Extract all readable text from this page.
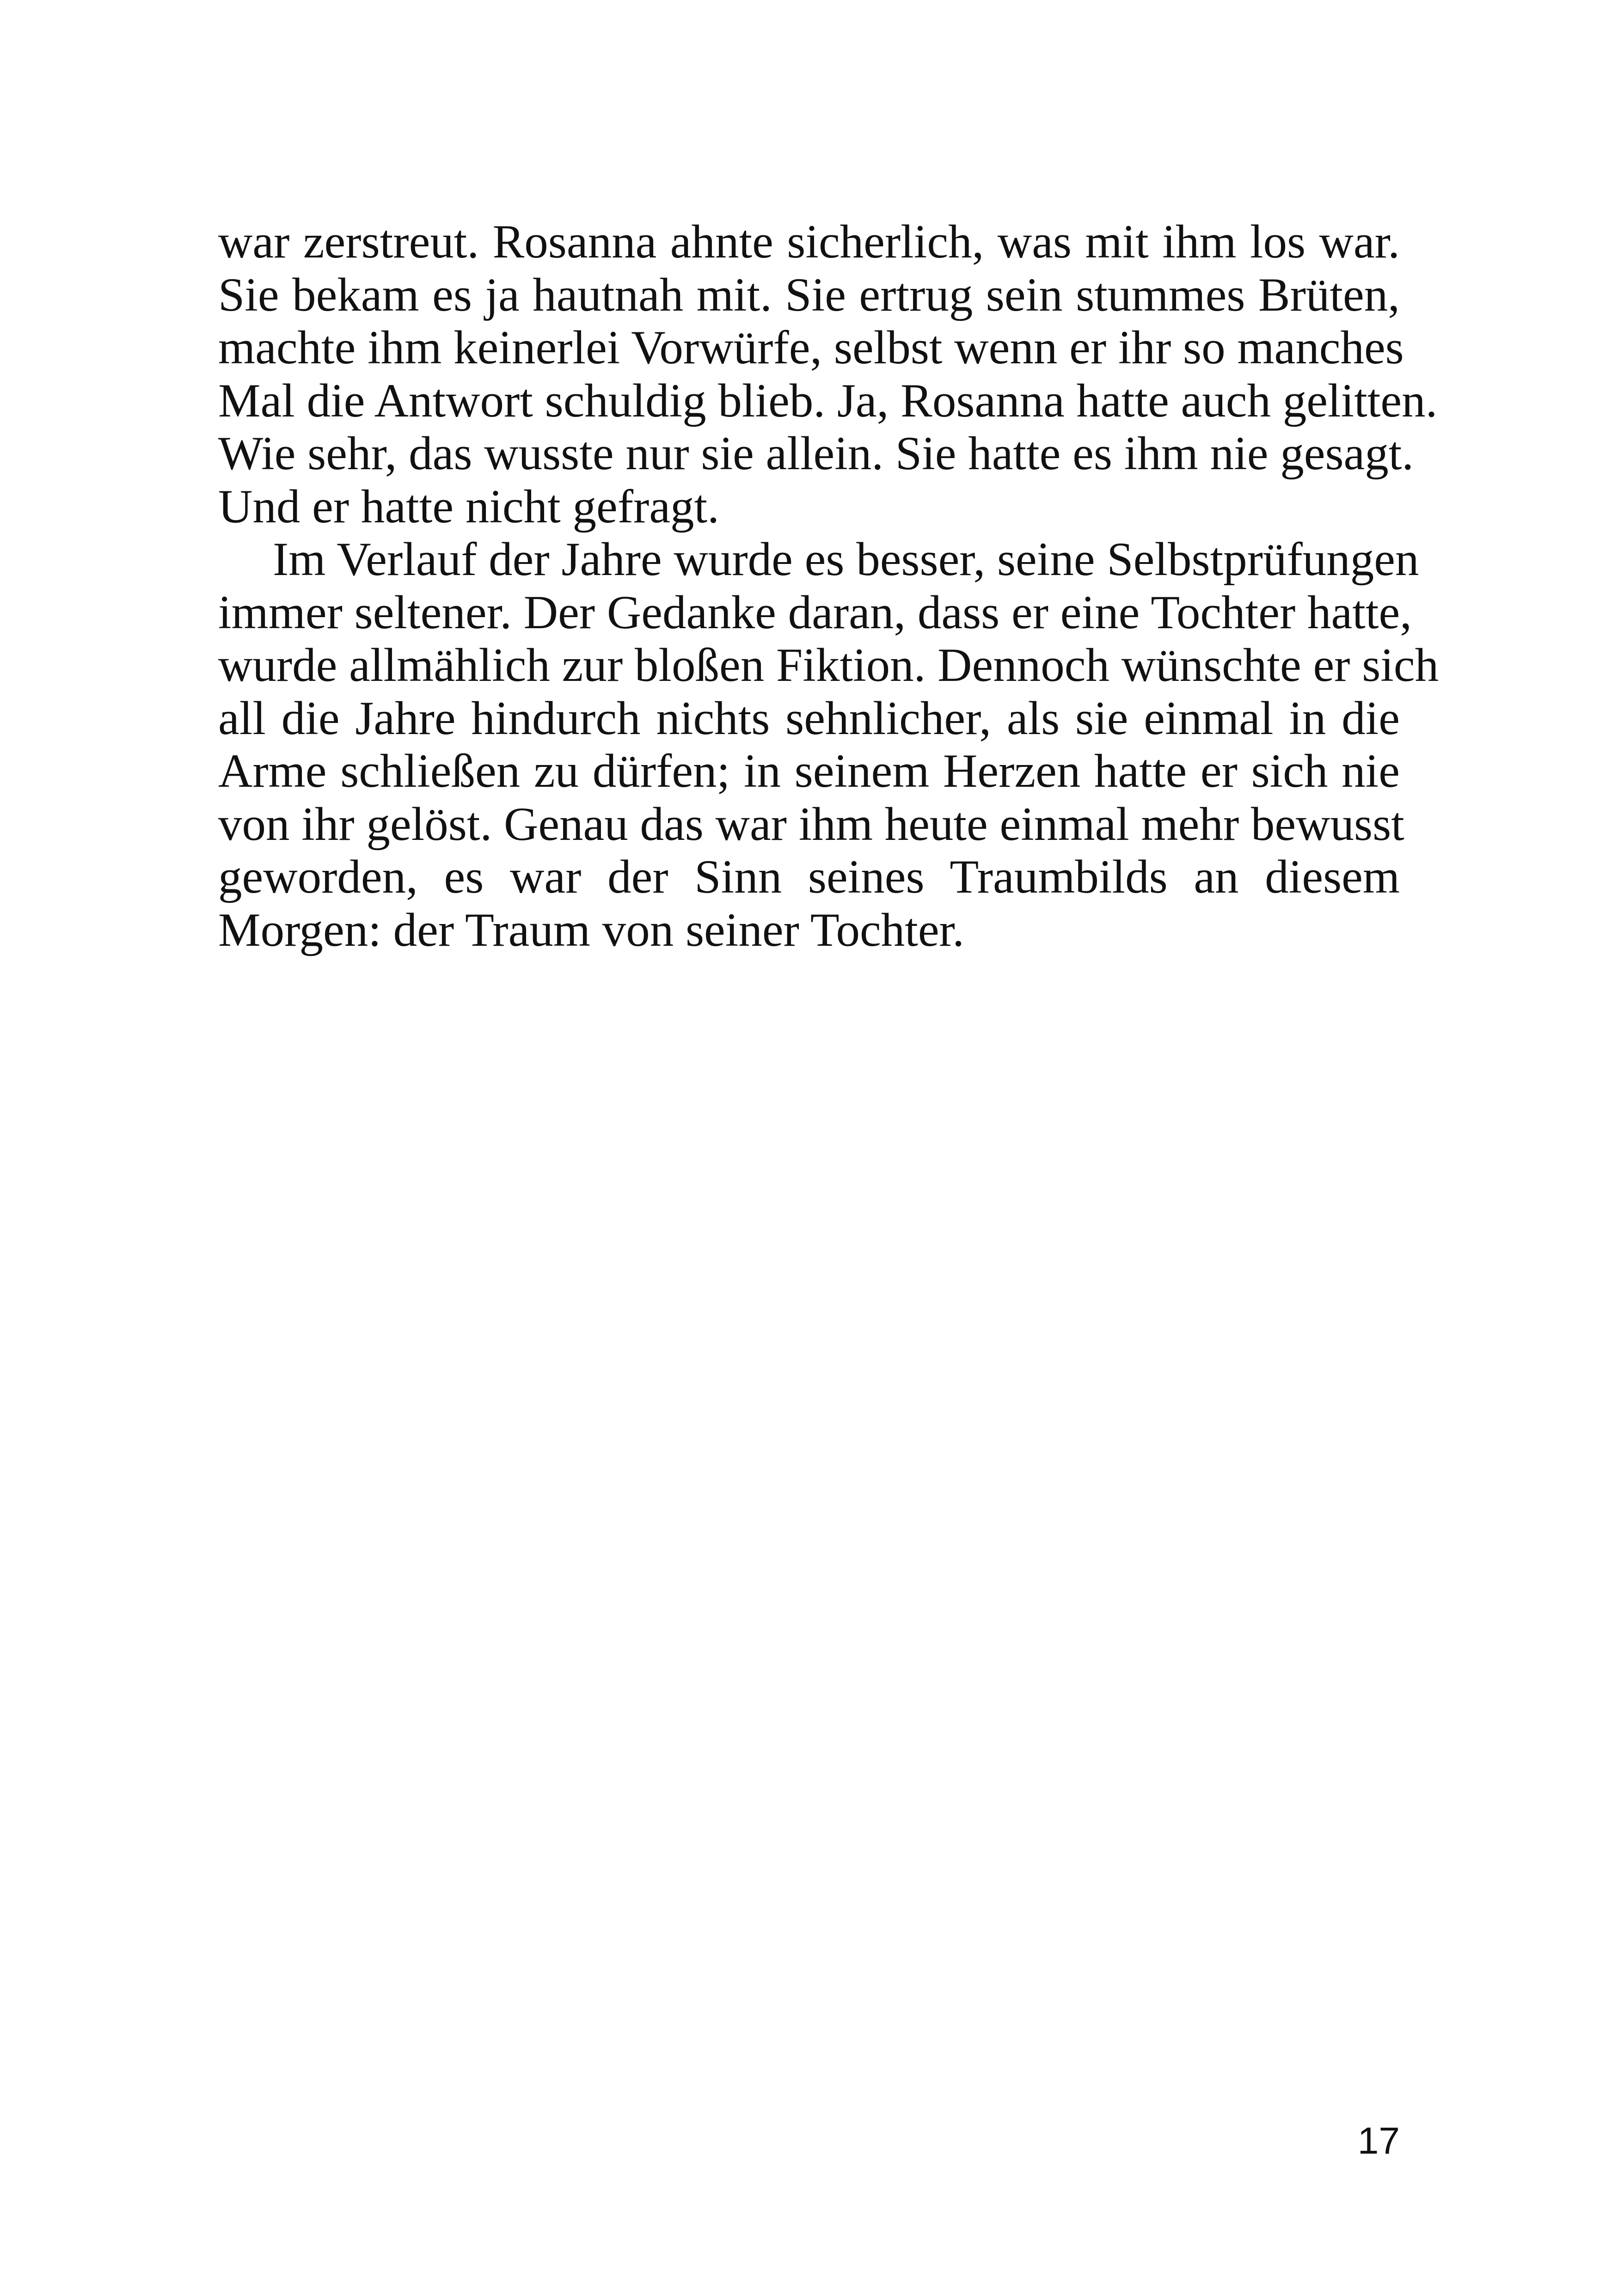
war zerstreut. Rosanna ahnte sicherlich, was mit ihm los war.
Sie bekam es ja hautnah mit. Sie ertrug sein stummes Brüten,
machte ihm keinerlei Vorwürfe, selbst wenn er ihr so manches
Mal die Antwort schuldig blieb. Ja, Rosanna hatte auch gelitten.
Wie sehr, das wusste nur sie allein. Sie hatte es ihm nie gesagt.
Und er hatte nicht gefragt.
Im Verlauf der Jahre wurde es besser, seine Selbstprüfungen
immer seltener. Der Gedanke daran, dass er eine Tochter hatte,
wurde allmählich zur bloßen Fiktion. Dennoch wünschte er sich
all die Jahre hindurch nichts sehnlicher, als sie einmal in die
Arme schließen zu dürfen; in seinem Herzen hatte er sich nie
von ihr gelöst. Genau das war ihm heute einmal mehr bewusst
geworden, es war der Sinn seines Traumbilds an diesem
Morgen: der Traum von seiner Tochter.
17
